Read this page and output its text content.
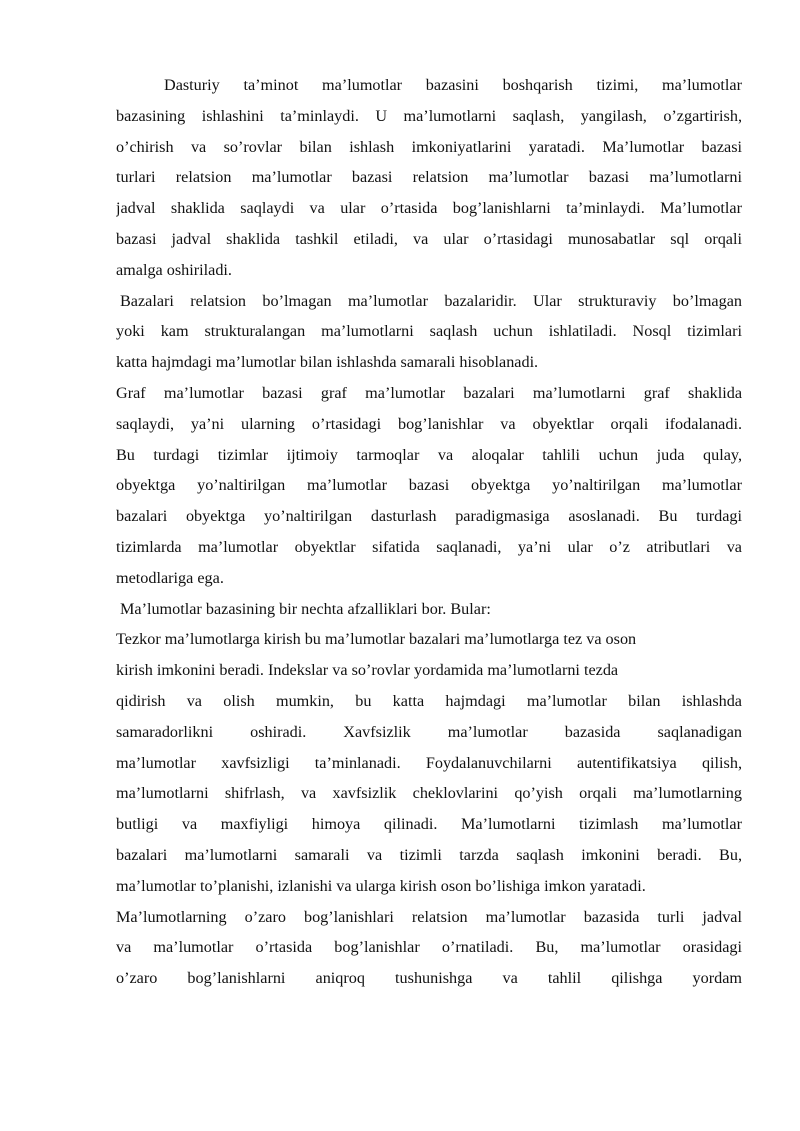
Dasturiy ta’minot ma’lumotlar bazasini boshqarish tizimi, ma’lumotlar
bazasining ishlashini ta’minlaydi. U ma’lumotlarni saqlash, yangilash, o’zgartirish,
o’chirish va so’rovlar bilan ishlash imkoniyatlarini yaratadi. Ma’lumotlar bazasi
turlari relatsion ma’lumotlar bazasi relatsion ma’lumotlar bazasi ma’lumotlarni
jadval shaklida saqlaydi va ular o’rtasida bog’lanishlarni ta’minlaydi. Ma’lumotlar
bazasi jadval shaklida tashkil etiladi, va ular o’rtasidagi munosabatlar sql orqali
amalga oshiriladi.
Bazalari relatsion bo’lmagan ma’lumotlar bazalaridir. Ular strukturaviy bo’lmagan
yoki kam strukturalangan ma’lumotlarni saqlash uchun ishlatiladi. Nosql tizimlari
katta hajmdagi ma’lumotlar bilan ishlashda samarali hisoblanadi.
Graf ma’lumotlar bazasi graf ma’lumotlar bazalari ma’lumotlarni graf shaklida
saqlaydi, ya’ni ularning o’rtasidagi bog’lanishlar va obyektlar orqali ifodalanadi.
Bu turdagi tizimlar ijtimoiy tarmoqlar va aloqalar tahlili uchun juda qulay,
obyektga yo’naltirilgan ma’lumotlar bazasi obyektga yo’naltirilgan ma’lumotlar
bazalari obyektga yo’naltirilgan dasturlash paradigmasiga asoslanadi. Bu turdagi
tizimlarda ma’lumotlar obyektlar sifatida saqlanadi, ya’ni ular o’z atributlari va
metodlariga ega.
Ma’lumotlar bazasining bir nechta afzalliklari bor. Bular:
Tezkor ma’lumotlarga kirish bu ma’lumotlar bazalari ma’lumotlarga tez va oson
kirish imkonini beradi. Indekslar va so’rovlar yordamida ma’lumotlarni tezda
qidirish va olish mumkin, bu katta hajmdagi ma’lumotlar bilan ishlashda
samaradorlikni oshiradi. Xavfsizlik ma’lumotlar bazasida saqlanadigan
ma’lumotlar xavfsizligi ta’minlanadi. Foydalanuvchilarni autentifikatsiya qilish,
ma’lumotlarni shifrlash, va xavfsizlik cheklovlarini qo’yish orqali ma’lumotlarning
butligi va maxfiyligi himoya qilinadi. Ma’lumotlarni tizimlash ma’lumotlar
bazalari ma’lumotlarni samarali va tizimli tarzda saqlash imkonini beradi. Bu,
ma’lumotlar to’planishi, izlanishi va ularga kirish oson bo’lishiga imkon yaratadi.
Ma’lumotlarning o’zaro bog’lanishlari relatsion ma’lumotlar bazasida turli jadval
va ma’lumotlar o’rtasida bog’lanishlar o’rnatiladi. Bu, ma’lumotlar orasidagi
o’zaro bog’lanishlarni aniqroq tushunishga va tahlil qilishga yordam
